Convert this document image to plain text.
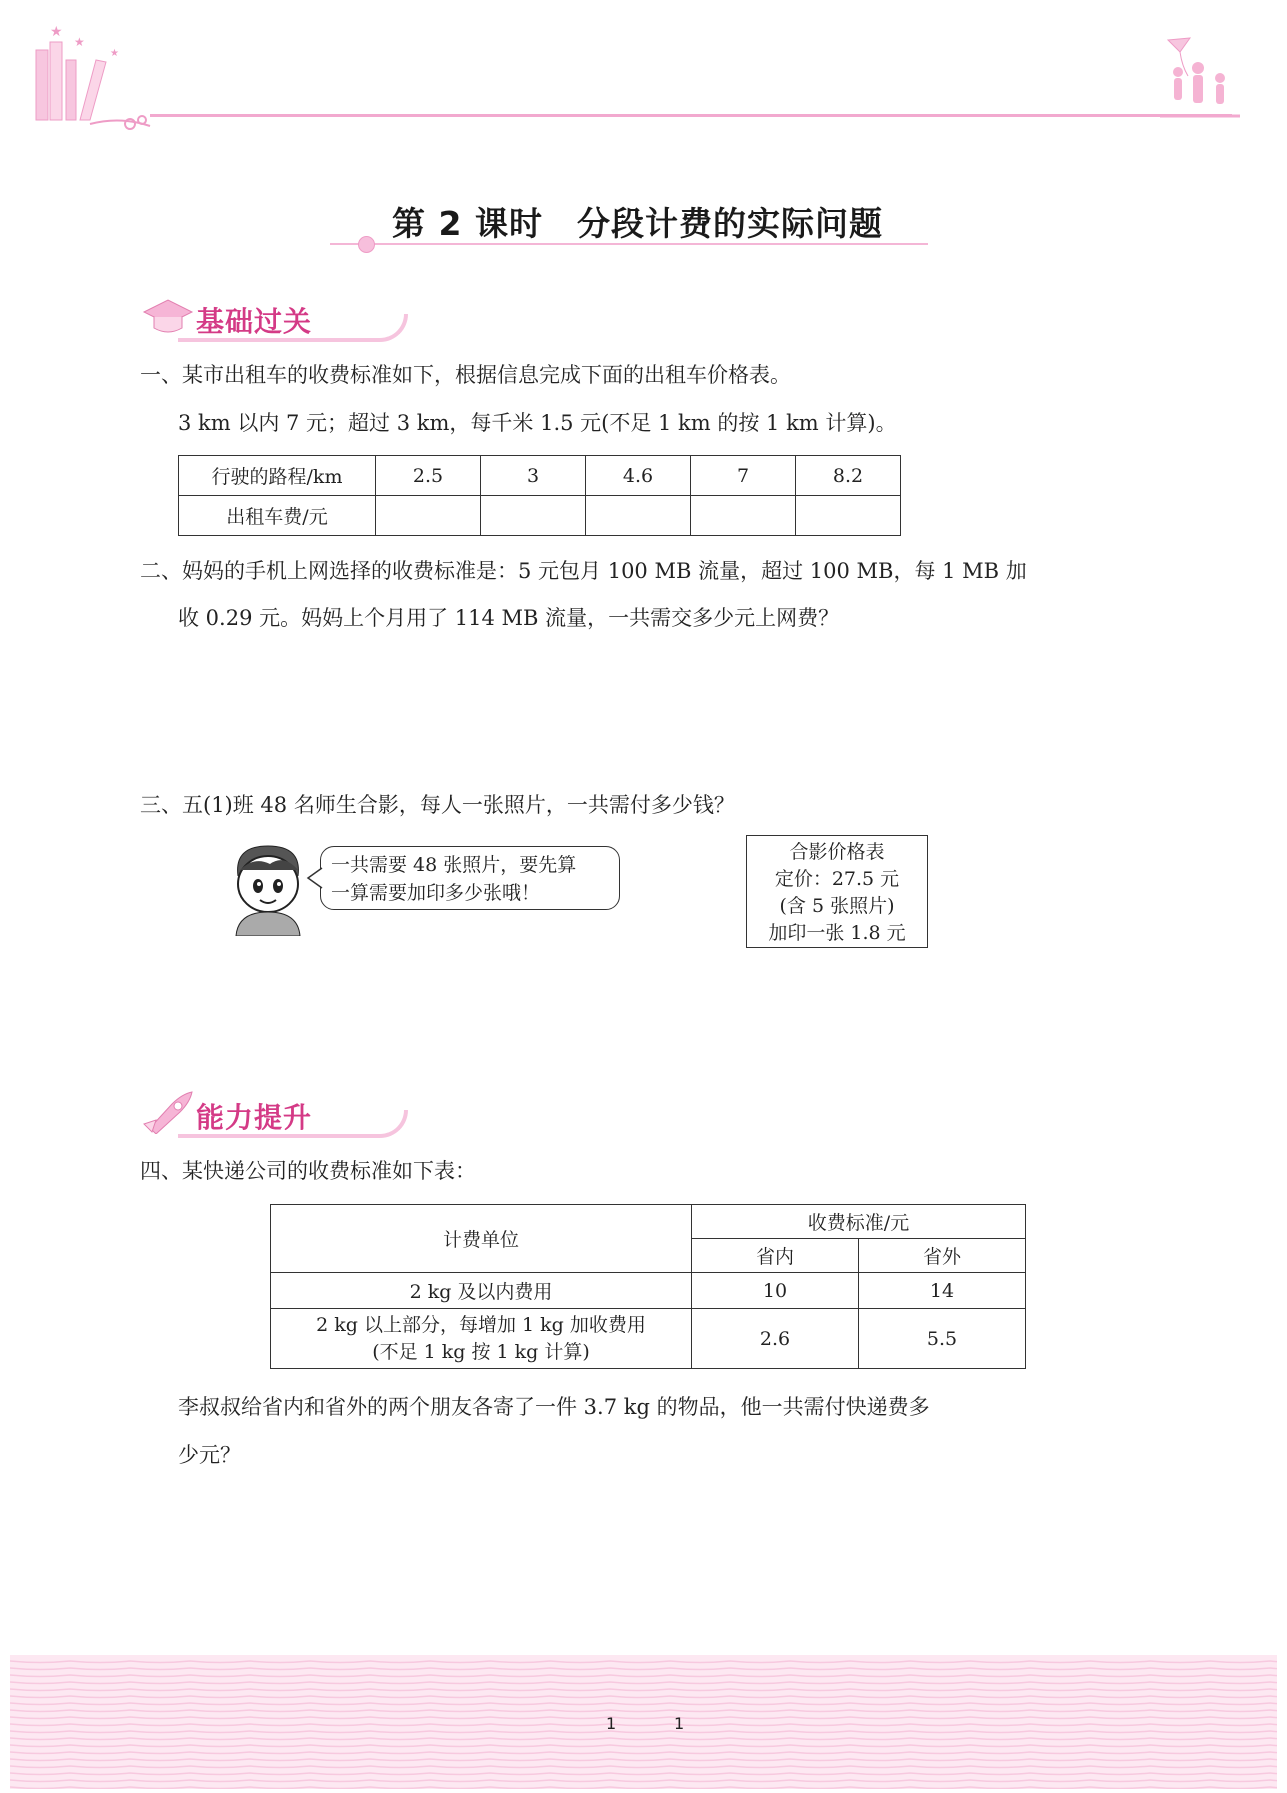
★
★
★
第 2 课时　分段计费的实际问题
基础过关
一、某市出租车的收费标准如下，根据信息完成下面的出租车价格表。
3 km 以内 7 元；超过 3 km，每千米 1.5 元(不足 1 km 的按 1 km 计算)。
行驶的路程/km	2.5	3	4.6	7	8.2
出租车费/元					
二、妈妈的手机上网选择的收费标准是：5 元包月 100 MB 流量，超过 100 MB，每 1 MB 加
收 0.29 元。妈妈上个月用了 114 MB 流量，一共需交多少元上网费？
三、五(1)班 48 名师生合影，每人一张照片，一共需付多少钱？
一共需要 48 张照片，要先算
一算需要加印多少张哦！
合影价格表
定价：27.5 元
(含 5 张照片)
加印一张 1.8 元
能力提升
四、某快递公司的收费标准如下表：
计费单位	收费标准/元	
	省内	省外
2 kg 及以内费用	10	14

2 kg 以上部分，每增加 1 kg 加收费用
(不足 1 kg 按 1 kg 计算)	2.6	5.5
李叔叔给省内和省外的两个朋友各寄了一件 3.7 kg 的物品，他一共需付快递费多
少元？
1	1
